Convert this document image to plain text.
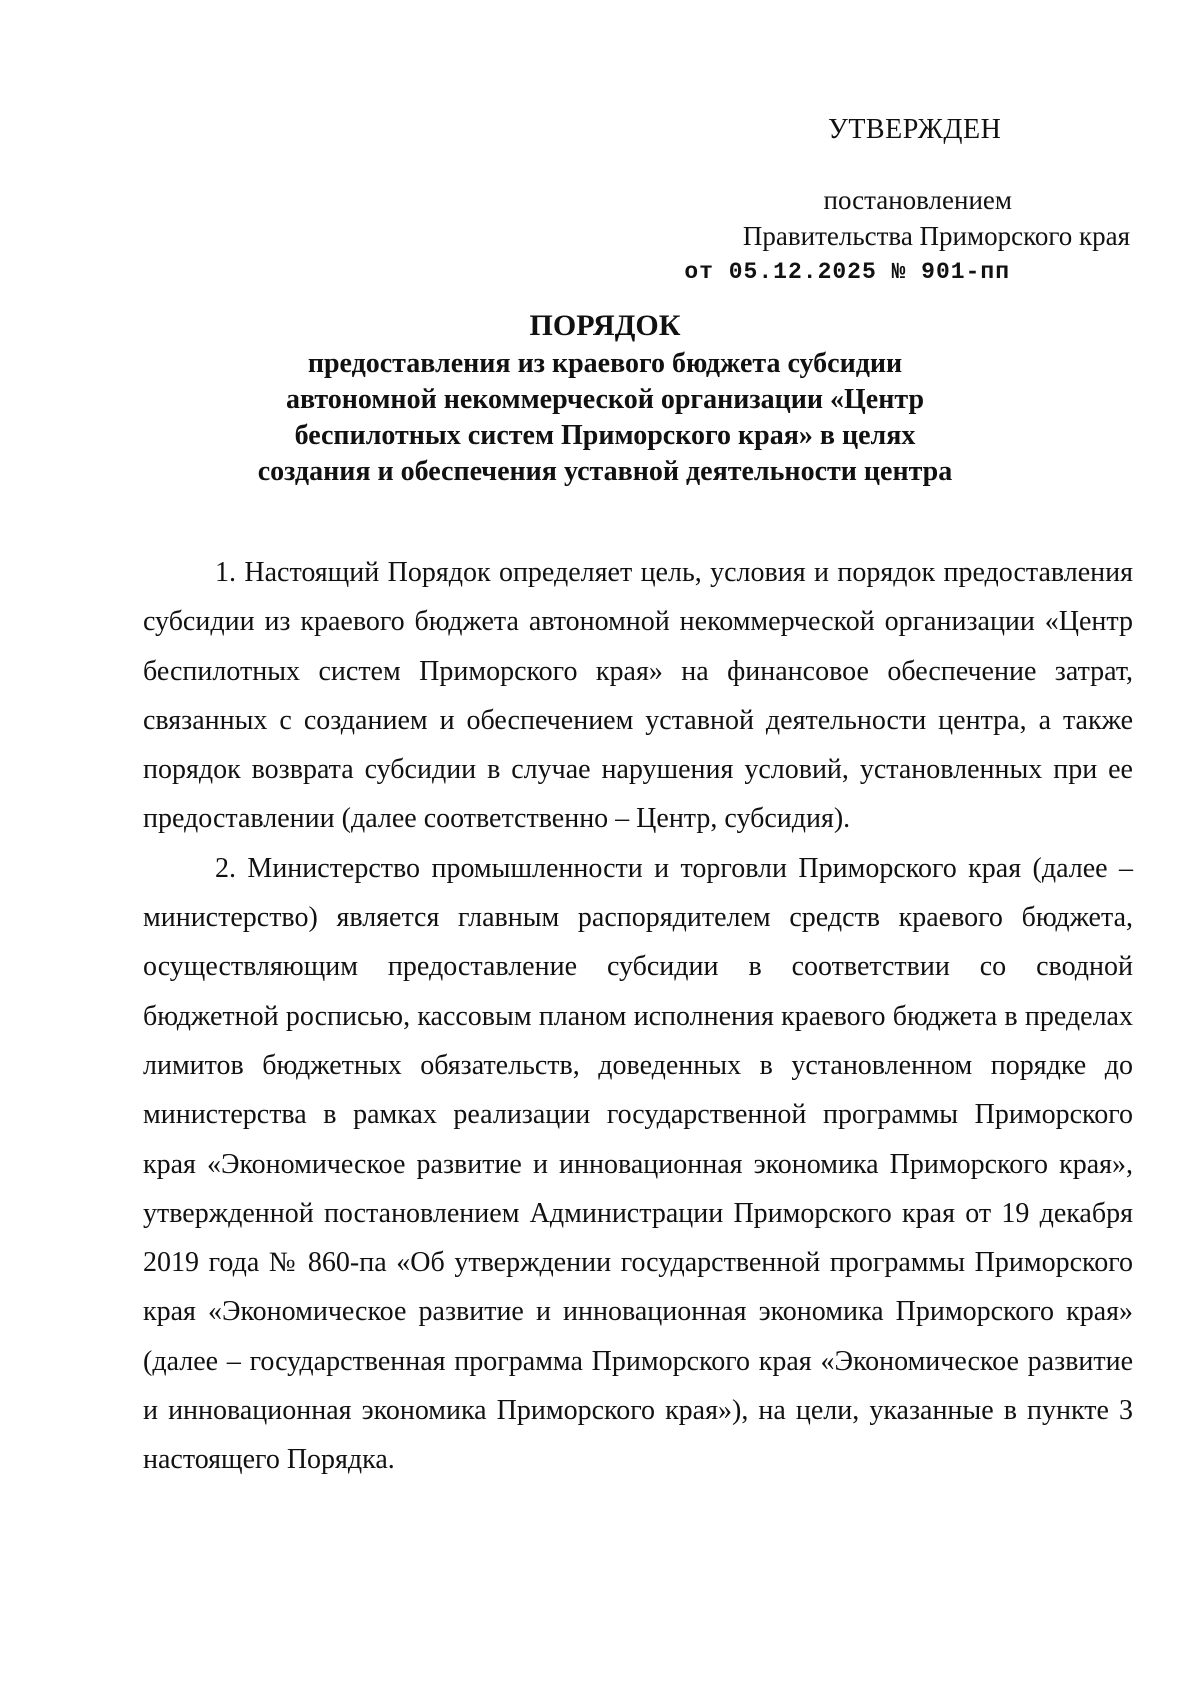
УТВЕРЖДЕН
постановлением
Правительства Приморского края
от 05.12.2025 № 901-пп
ПОРЯДОК
предоставления из краевого бюджета субсидии
автономной некоммерческой организации «Центр
беспилотных систем Приморского края» в целях
создания и обеспечения уставной деятельности центра

1. Настоящий Порядок определяет цель, условия и порядок предоставления субсидии из краевого бюджета автономной некоммерческой организации «Центр беспилотных систем Приморского края» на финансовое обеспечение затрат, связанных с созданием и обеспечением уставной деятельности центра, а также порядок возврата субсидии в случае нарушения условий, установленных при ее предоставлении (далее соответственно – Центр, субсидия).

2. Министерство промышленности и торговли Приморского края (далее – министерство) является главным распорядителем средств краевого бюджета, осуществляющим предоставление субсидии в соответствии со сводной бюджетной росписью, кассовым планом исполнения краевого бюджета в пределах лимитов бюджетных обязательств, доведенных в установленном порядке до министерства в рамках реализации государственной программы Приморского края «Экономическое развитие и инновационная экономика Приморского края», утвержденной постановлением Администрации Приморского края от 19 декабря 2019 года № 860-па «Об утверждении государственной программы Приморского края «Экономическое развитие и инновационная экономика Приморского края» (далее – государственная программа Приморского края «Экономическое развитие и инновационная экономика Приморского края»), на цели, указанные в пункте 3 настоящего Порядка.
